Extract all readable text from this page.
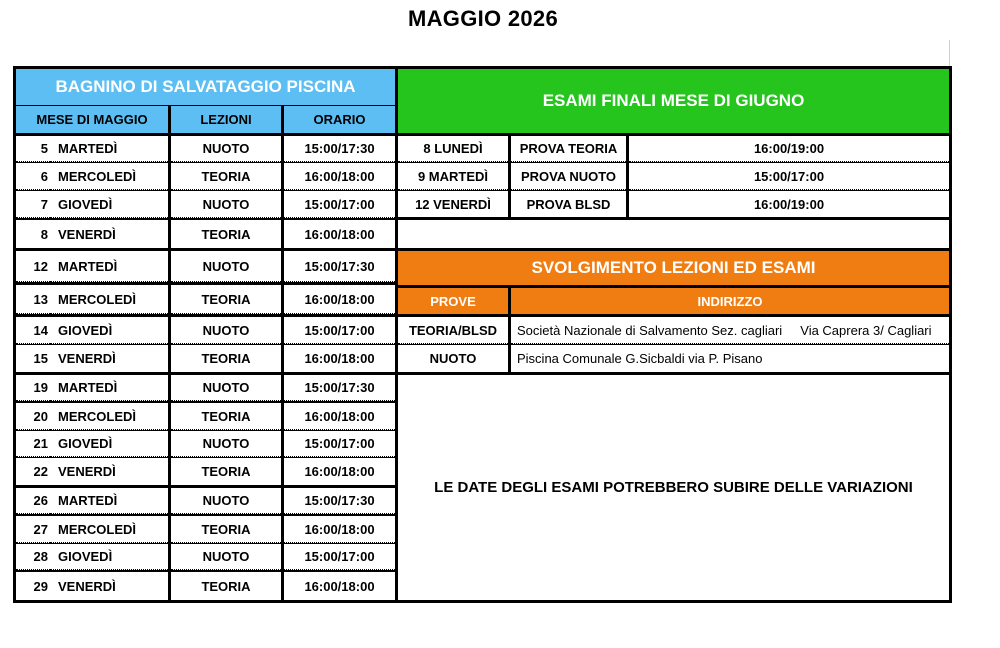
MAGGIO 2026
BAGNINO DI SALVATAGGIO PISCINA
MESE DI MAGGIO	LEZIONI	ORARIO
5 MARTEDÌ	NUOTO	15:00/17:30
6 MERCOLEDÌ	TEORIA	16:00/18:00
7 GIOVEDÌ	NUOTO	15:00/17:00
8 VENERDÌ	TEORIA	16:00/18:00
12 MARTEDÌ	NUOTO	15:00/17:30
13 MERCOLEDÌ	TEORIA	16:00/18:00
14 GIOVEDÌ	NUOTO	15:00/17:00
15 VENERDÌ	TEORIA	16:00/18:00
19 MARTEDÌ	NUOTO	15:00/17:30
20 MERCOLEDÌ	TEORIA	16:00/18:00
21 GIOVEDÌ	NUOTO	15:00/17:00
22 VENERDÌ	TEORIA	16:00/18:00
26 MARTEDÌ	NUOTO	15:00/17:30
27 MERCOLEDÌ	TEORIA	16:00/18:00
28 GIOVEDÌ	NUOTO	15:00/17:00
29 VENERDÌ	TEORIA	16:00/18:00
ESAMI FINALI MESE DI GIUGNO
8 LUNEDÌ	PROVA TEORIA	16:00/19:00
9 MARTEDÌ	PROVA NUOTO	15:00/17:00
12 VENERDÌ	PROVA BLSD	16:00/19:00
SVOLGIMENTO LEZIONI ED ESAMI
PROVE	INDIRIZZO
TEORIA/BLSD	Società Nazionale di Salvamento Sez. cagliari     Via Caprera 3/ Cagliari
NUOTO	Piscina Comunale G.Sicbaldi via P. Pisano
LE DATE DEGLI ESAMI POTREBBERO SUBIRE DELLE VARIAZIONI
